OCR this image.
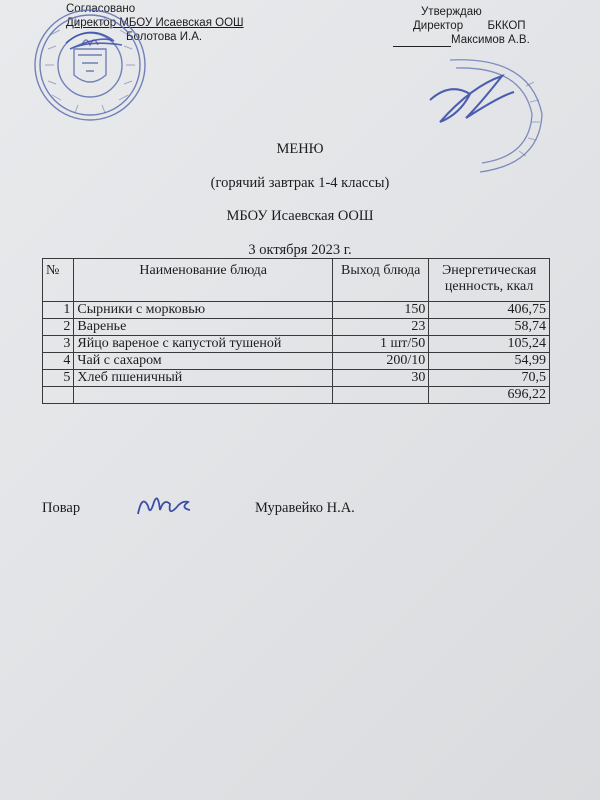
Согласовано
Директор МБОУ Исаевская ООШ
Болотова И.А.
Утверждаю
Директор БККОП
Максимов А.В.
МЕНЮ
(горячий завтрак 1-4 классы)
МБОУ Исаевская ООШ
3 октября 2023 г.
№	Наименование блюда	Выход блюда	Энергетическая ценность, ккал
1	Сырники с морковью	150	406,75
2	Варенье	23	58,74
3	Яйцо вареное с капустой тушеной	1 шт/50	105,24
4	Чай с сахаром	200/10	54,99
5	Хлеб пшеничный	30	70,5
			696,22
Повар	Муравейко Н.А.
